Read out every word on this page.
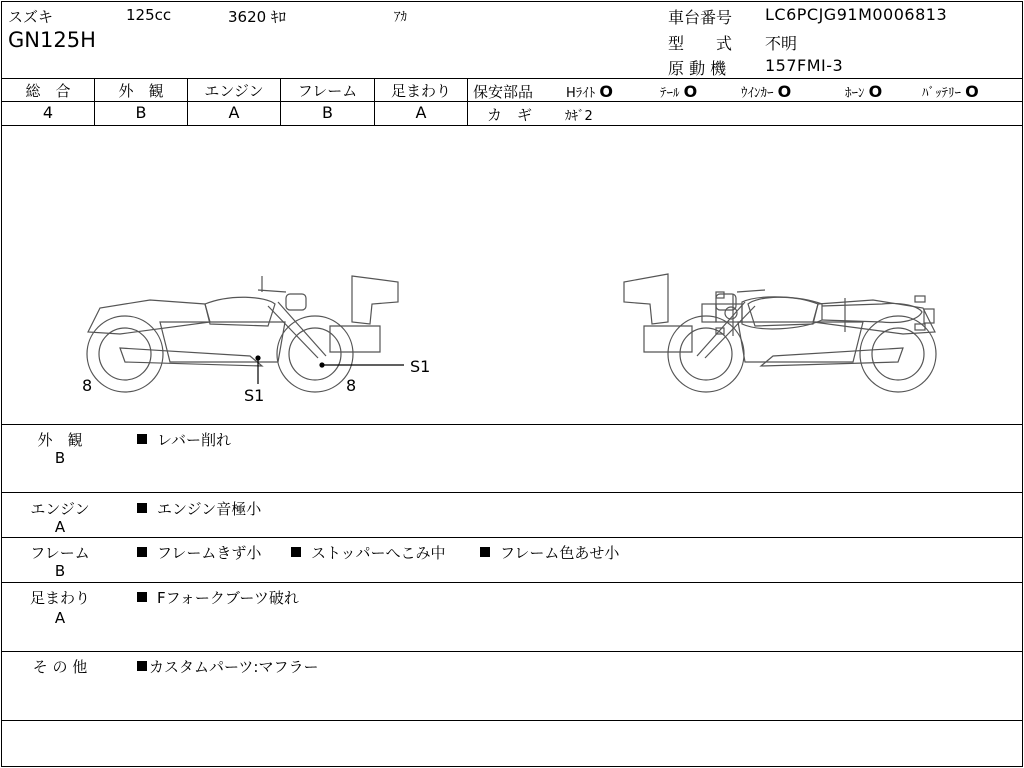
スズキ	125cc	3620 ｷﾛ	ｱｶ
GN125H
車台番号 LC6PCJG91M0006813
型　　式 不明
原 動 機 157FMI-3
総　合	外　観	エンジン	フレーム	足まわり
4	B	A	B	A
保安部品	Hﾗｲﾄ O	ﾃｰﾙ O	ｳｲﾝｶｰ O	ﾎｰﾝ O	ﾊﾞｯﾃﾘｰ O
カ　ギ	ｶｷﾞ2
8
S1
8
S1
外　観
B
レバー削れ
エンジン
A
エンジン音極小
フレーム
B
フレームきず小	ストッパーへこみ中	フレーム色あせ小
足まわり
A
Fフォークブーツ破れ
そ の 他	カスタムパーツ:マフラー
